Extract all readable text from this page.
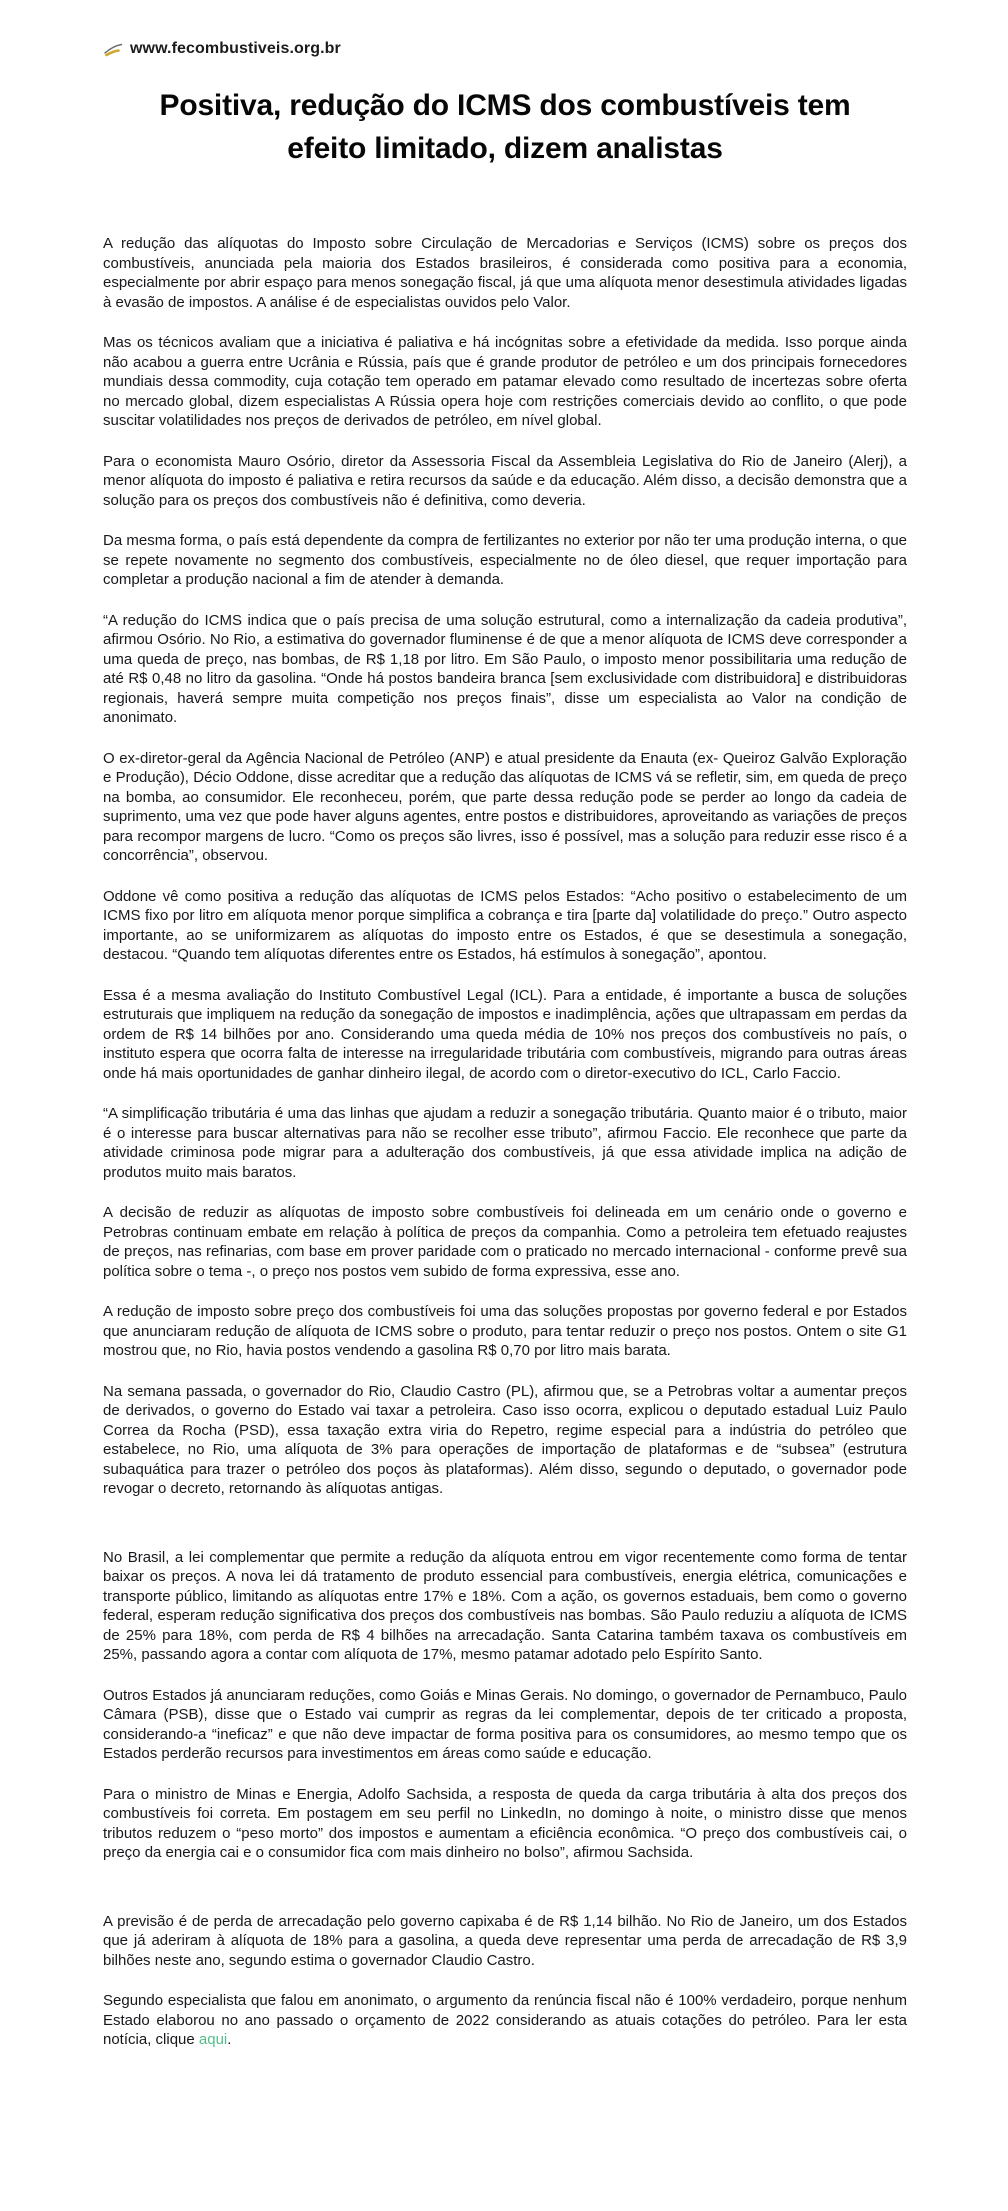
www.fecombustiveis.org.br
Positiva, redução do ICMS dos combustíveis tem
efeito limitado, dizem analistas

A redução das alíquotas do Imposto sobre Circulação de Mercadorias e Serviços (ICMS) sobre os preços dos combustíveis, anunciada pela maioria dos Estados brasileiros, é considerada como positiva para a economia, especialmente por abrir espaço para menos sonegação fiscal, já que uma alíquota menor desestimula atividades ligadas à evasão de impostos. A análise é de especialistas ouvidos pelo Valor.

Mas os técnicos avaliam que a iniciativa é paliativa e há incógnitas sobre a efetividade da medida. Isso porque ainda não acabou a guerra entre Ucrânia e Rússia, país que é grande produtor de petróleo e um dos principais fornecedores mundiais dessa commodity, cuja cotação tem operado em patamar elevado como resultado de incertezas sobre oferta no mercado global, dizem especialistas A Rússia opera hoje com restrições comerciais devido ao conflito, o que pode suscitar volatilidades nos preços de derivados de petróleo, em nível global.

Para o economista Mauro Osório, diretor da Assessoria Fiscal da Assembleia Legislativa do Rio de Janeiro (Alerj), a menor alíquota do imposto é paliativa e retira recursos da saúde e da educação. Além disso, a decisão demonstra que a solução para os preços dos combustíveis não é definitiva, como deveria.

Da mesma forma, o país está dependente da compra de fertilizantes no exterior por não ter uma produção interna, o que se repete novamente no segmento dos combustíveis, especialmente no de óleo diesel, que requer importação para completar a produção nacional a fim de atender à demanda.

“A redução do ICMS indica que o país precisa de uma solução estrutural, como a internalização da cadeia produtiva”, afirmou Osório. No Rio, a estimativa do governador fluminense é de que a menor alíquota de ICMS deve corresponder a uma queda de preço, nas bombas, de R$ 1,18 por litro. Em São Paulo, o imposto menor possibilitaria uma redução de até R$ 0,48 no litro da gasolina. “Onde há postos bandeira branca [sem exclusividade com distribuidora] e distribuidoras regionais, haverá sempre muita competição nos preços finais”, disse um especialista ao Valor na condição de anonimato.

O ex-diretor-geral da Agência Nacional de Petróleo (ANP) e atual presidente da Enauta (ex- Queiroz Galvão Exploração e Produção), Décio Oddone, disse acreditar que a redução das alíquotas de ICMS vá se refletir, sim, em queda de preço na bomba, ao consumidor. Ele reconheceu, porém, que parte dessa redução pode se perder ao longo da cadeia de suprimento, uma vez que pode haver alguns agentes, entre postos e distribuidores, aproveitando as variações de preços para recompor margens de lucro. “Como os preços são livres, isso é possível, mas a solução para reduzir esse risco é a concorrência”, observou.

Oddone vê como positiva a redução das alíquotas de ICMS pelos Estados: “Acho positivo o estabelecimento de um ICMS fixo por litro em alíquota menor porque simplifica a cobrança e tira [parte da] volatilidade do preço.” Outro aspecto importante, ao se uniformizarem as alíquotas do imposto entre os Estados, é que se desestimula a sonegação, destacou. “Quando tem alíquotas diferentes entre os Estados, há estímulos à sonegação”, apontou.

Essa é a mesma avaliação do Instituto Combustível Legal (ICL). Para a entidade, é importante a busca de soluções estruturais que impliquem na redução da sonegação de impostos e inadimplência, ações que ultrapassam em perdas da ordem de R$ 14 bilhões por ano. Considerando uma queda média de 10% nos preços dos combustíveis no país, o instituto espera que ocorra falta de interesse na irregularidade tributária com combustíveis, migrando para outras áreas onde há mais oportunidades de ganhar dinheiro ilegal, de acordo com o diretor-executivo do ICL, Carlo Faccio.

“A simplificação tributária é uma das linhas que ajudam a reduzir a sonegação tributária. Quanto maior é o tributo, maior é o interesse para buscar alternativas para não se recolher esse tributo”, afirmou Faccio. Ele reconhece que parte da atividade criminosa pode migrar para a adulteração dos combustíveis, já que essa atividade implica na adição de produtos muito mais baratos.

A decisão de reduzir as alíquotas de imposto sobre combustíveis foi delineada em um cenário onde o governo e Petrobras continuam embate em relação à política de preços da companhia. Como a petroleira tem efetuado reajustes de preços, nas refinarias, com base em prover paridade com o praticado no mercado internacional - conforme prevê sua política sobre o tema -, o preço nos postos vem subido de forma expressiva, esse ano.

A redução de imposto sobre preço dos combustíveis foi uma das soluções propostas por governo federal e por Estados que anunciaram redução de alíquota de ICMS sobre o produto, para tentar reduzir o preço nos postos. Ontem o site G1 mostrou que, no Rio, havia postos vendendo a gasolina R$ 0,70 por litro mais barata.

Na semana passada, o governador do Rio, Claudio Castro (PL), afirmou que, se a Petrobras voltar a aumentar preços de derivados, o governo do Estado vai taxar a petroleira. Caso isso ocorra, explicou o deputado estadual Luiz Paulo Correa da Rocha (PSD), essa taxação extra viria do Repetro, regime especial para a indústria do petróleo que estabelece, no Rio, uma alíquota de 3% para operações de importação de plataformas e de “subsea” (estrutura subaquática para trazer o petróleo dos poços às plataformas). Além disso, segundo o deputado, o governador pode revogar o decreto, retornando às alíquotas antigas.

No Brasil, a lei complementar que permite a redução da alíquota entrou em vigor recentemente como forma de tentar baixar os preços. A nova lei dá tratamento de produto essencial para combustíveis, energia elétrica, comunicações e transporte público, limitando as alíquotas entre 17% e 18%. Com a ação, os governos estaduais, bem como o governo federal, esperam redução significativa dos preços dos combustíveis nas bombas. São Paulo reduziu a alíquota de ICMS de 25% para 18%, com perda de R$ 4 bilhões na arrecadação. Santa Catarina também taxava os combustíveis em 25%, passando agora a contar com alíquota de 17%, mesmo patamar adotado pelo Espírito Santo.

Outros Estados já anunciaram reduções, como Goiás e Minas Gerais. No domingo, o governador de Pernambuco, Paulo Câmara (PSB), disse que o Estado vai cumprir as regras da lei complementar, depois de ter criticado a proposta, considerando-a “ineficaz” e que não deve impactar de forma positiva para os consumidores, ao mesmo tempo que os Estados perderão recursos para investimentos em áreas como saúde e educação.

Para o ministro de Minas e Energia, Adolfo Sachsida, a resposta de queda da carga tributária à alta dos preços dos combustíveis foi correta. Em postagem em seu perfil no LinkedIn, no domingo à noite, o ministro disse que menos tributos reduzem o “peso morto” dos impostos e aumentam a eficiência econômica. “O preço dos combustíveis cai, o preço da energia cai e o consumidor fica com mais dinheiro no bolso”, afirmou Sachsida.

A previsão é de perda de arrecadação pelo governo capixaba é de R$ 1,14 bilhão. No Rio de Janeiro, um dos Estados que já aderiram à alíquota de 18% para a gasolina, a queda deve representar uma perda de arrecadação de R$ 3,9 bilhões neste ano, segundo estima o governador Claudio Castro.

Segundo especialista que falou em anonimato, o argumento da renúncia fiscal não é 100% verdadeiro, porque nenhum Estado elaborou no ano passado o orçamento de 2022 considerando as atuais cotações do petróleo. Para ler esta notícia, clique aqui.
